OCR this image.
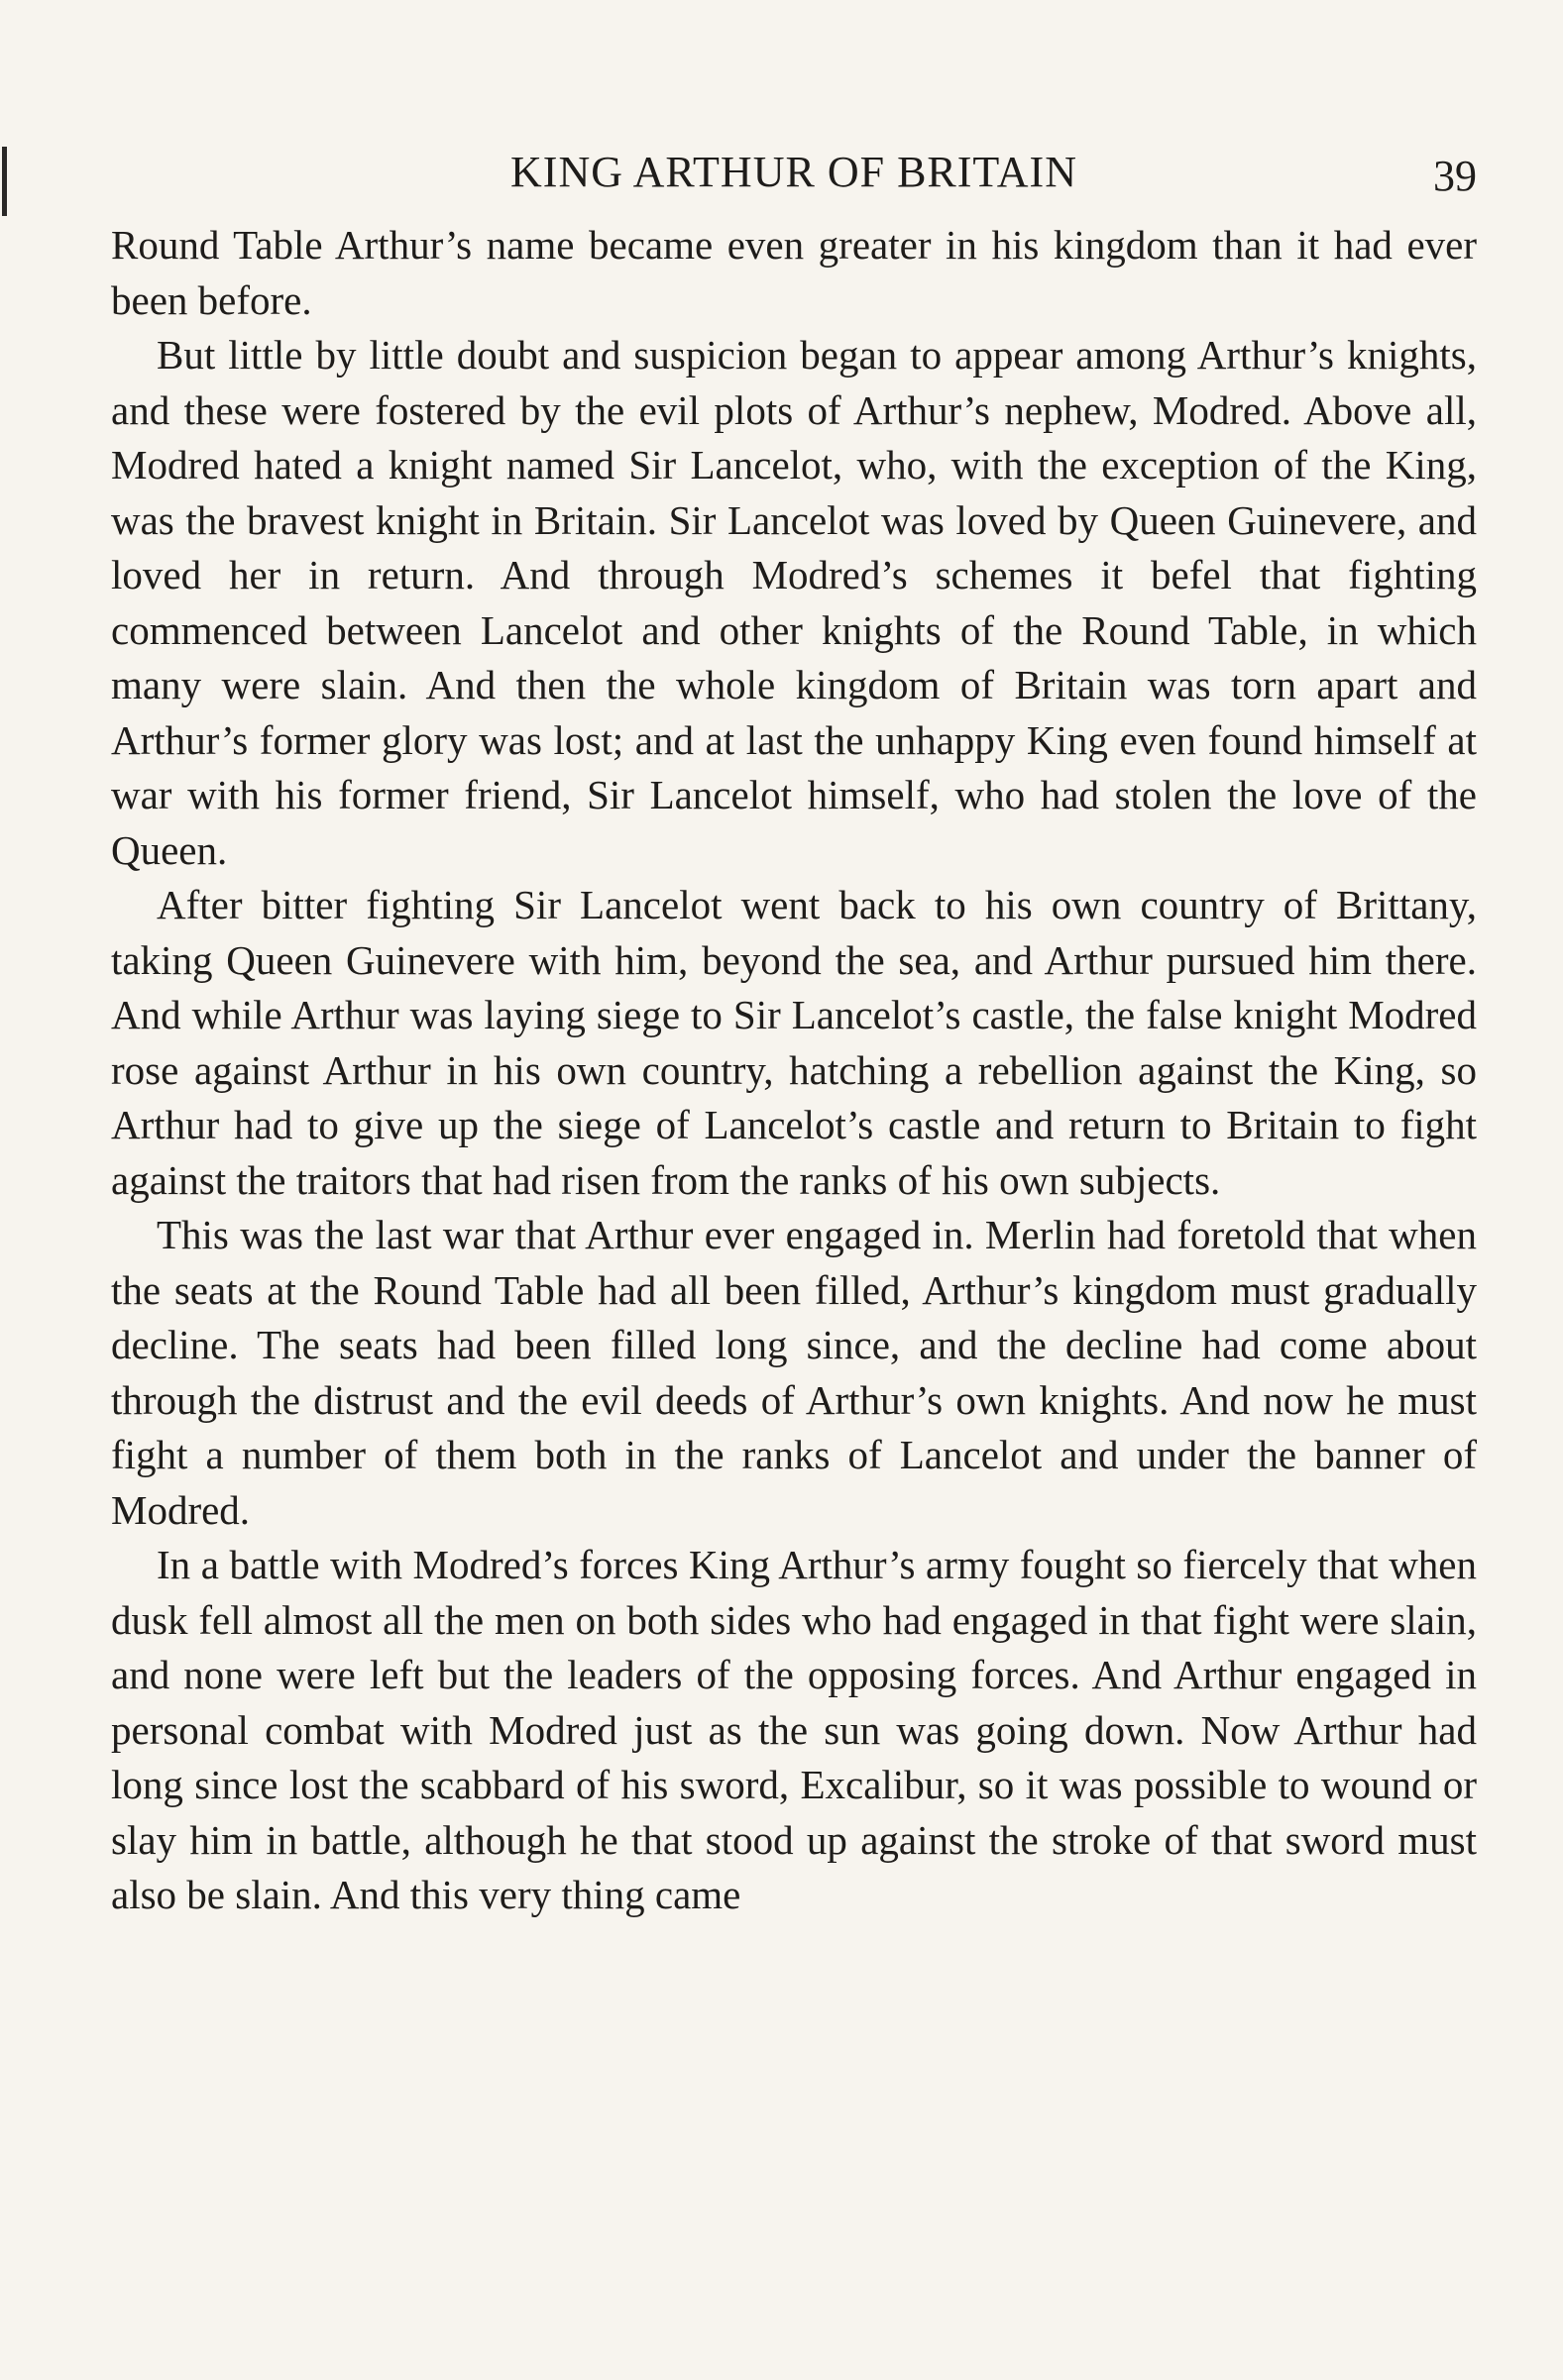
KING ARTHUR OF BRITAIN	39

Round Table Arthur’s name became even greater in his kingdom than it had ever been before.

But little by little doubt and suspicion began to appear among Arthur’s knights, and these were fostered by the evil plots of Arthur’s nephew, Modred. Above all, Modred hated a knight named Sir Lancelot, who, with the exception of the King, was the bravest knight in Britain. Sir Lancelot was loved by Queen Guinevere, and loved her in return. And through Modred’s schemes it befel that fighting commenced between Lancelot and other knights of the Round Table, in which many were slain. And then the whole kingdom of Britain was torn apart and Arthur’s former glory was lost; and at last the unhappy King even found himself at war with his former friend, Sir Lancelot himself, who had stolen the love of the Queen.

After bitter fighting Sir Lancelot went back to his own country of Brittany, taking Queen Guinevere with him, beyond the sea, and Arthur pursued him there. And while Arthur was laying siege to Sir Lancelot’s castle, the false knight Modred rose against Arthur in his own country, hatching a rebellion against the King, so Arthur had to give up the siege of Lancelot’s castle and return to Britain to fight against the traitors that had risen from the ranks of his own subjects.

This was the last war that Arthur ever engaged in. Merlin had foretold that when the seats at the Round Table had all been filled, Arthur’s kingdom must gradually decline. The seats had been filled long since, and the decline had come about through the distrust and the evil deeds of Arthur’s own knights. And now he must fight a number of them both in the ranks of Lancelot and under the banner of Modred.

In a battle with Modred’s forces King Arthur’s army fought so fiercely that when dusk fell almost all the men on both sides who had engaged in that fight were slain, and none were left but the leaders of the opposing forces. And Arthur engaged in personal combat with Modred just as the sun was going down. Now Arthur had long since lost the scabbard of his sword, Excalibur, so it was possible to wound or slay him in battle, although he that stood up against the stroke of that sword must also be slain. And this very thing came
